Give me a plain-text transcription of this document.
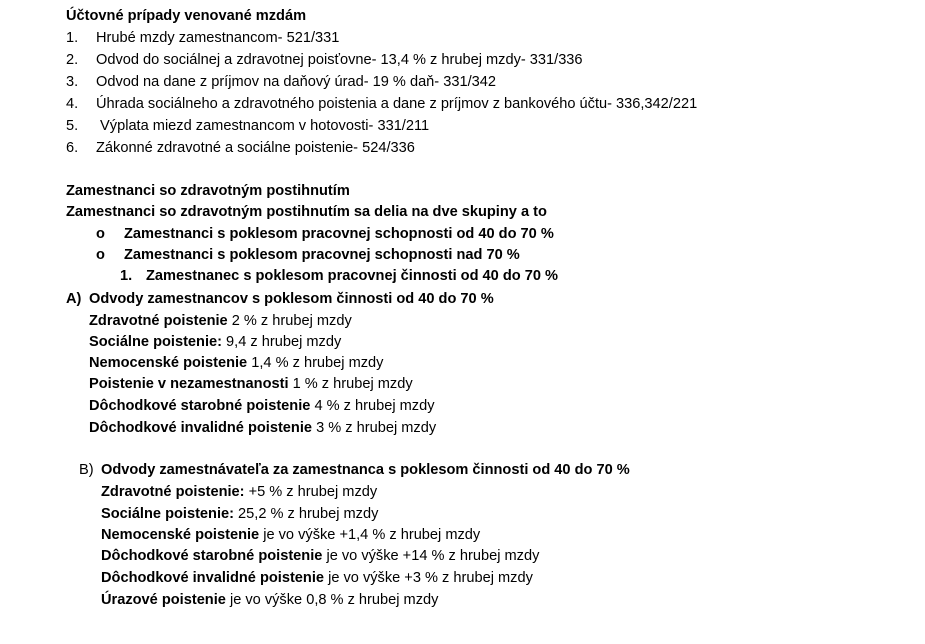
Účtovné prípady venované mzdám
1. Hrubé mzdy zamestnancom- 521/331
2. Odvod do sociálnej a zdravotnej poisťovne- 13,4 % z hrubej mzdy- 331/336
3. Odvod na dane z príjmov na daňový úrad- 19 % daň- 331/342
4. Úhrada sociálneho a zdravotného poistenia a dane z príjmov z bankového účtu- 336,342/221
5. Výplata miezd zamestnancom v hotovosti- 331/211
6. Zákonné zdravotné a sociálne poistenie- 524/336
Zamestnanci so zdravotným postihnutím
Zamestnanci so zdravotným postihnutím sa delia na dve skupiny a to
o Zamestnanci s poklesom pracovnej schopnosti od 40 do 70 %
o Zamestnanci s poklesom pracovnej schopnosti nad 70 %
1. Zamestnanec s poklesom pracovnej činnosti od 40 do 70 %
A) Odvody zamestnancov s poklesom činnosti od 40 do 70 %
Zdravotné poistenie 2 % z hrubej mzdy
Sociálne poistenie: 9,4 z hrubej mzdy
Nemocenské poistenie 1,4 % z hrubej mzdy
Poistenie v nezamestnanosti 1 % z hrubej mzdy
Dôchodkové starobné poistenie 4 % z hrubej mzdy
Dôchodkové invalidné poistenie 3 % z hrubej mzdy
B) Odvody zamestnávateľa za zamestnanca s poklesom činnosti od 40 do 70 %
Zdravotné poistenie: +5 % z hrubej mzdy
Sociálne poistenie: 25,2 % z hrubej mzdy
Nemocenské poistenie je vo výške +1,4 % z hrubej mzdy
Dôchodkové starobné poistenie je vo výške +14 % z hrubej mzdy
Dôchodkové invalidné poistenie je vo výške +3 % z hrubej mzdy
Úrazové poistenie je vo výške 0,8 % z hrubej mzdy
